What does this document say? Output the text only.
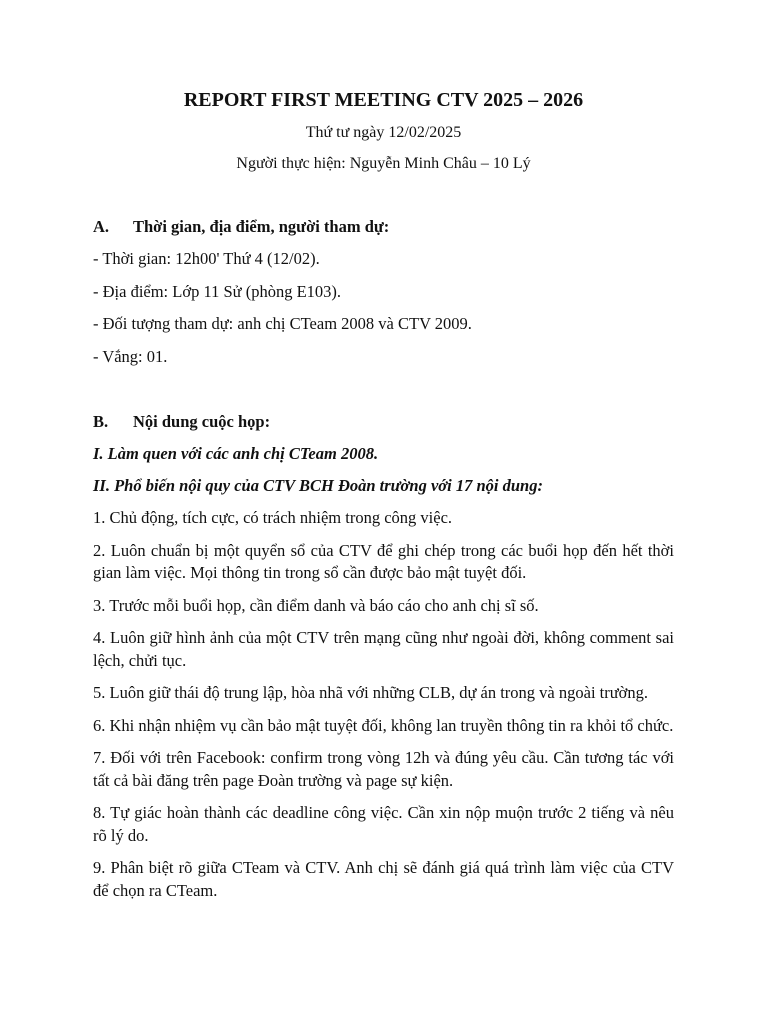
REPORT FIRST MEETING CTV 2025 – 2026

Thứ tư ngày 12/02/2025

Người thực hiện: Nguyễn Minh Châu – 10 Lý

A. Thời gian, địa điểm, người tham dự:

- Thời gian: 12h00' Thứ 4 (12/02).

- Địa điểm: Lớp 11 Sử (phòng E103).

- Đối tượng tham dự: anh chị CTeam 2008 và CTV 2009.

- Vắng: 01.

B. Nội dung cuộc họp:

I. Làm quen với các anh chị CTeam 2008.

II. Phổ biến nội quy của CTV BCH Đoàn trường với 17 nội dung:

1. Chủ động, tích cực, có trách nhiệm trong công việc.

2. Luôn chuẩn bị một quyển sổ của CTV để ghi chép trong các buổi họp đến hết thời gian làm việc. Mọi thông tin trong sổ cần được bảo mật tuyệt đối.

3. Trước mỗi buổi họp, cần điểm danh và báo cáo cho anh chị sĩ số.

4. Luôn giữ hình ảnh của một CTV trên mạng cũng như ngoài đời, không comment sai lệch, chửi tục.

5. Luôn giữ thái độ trung lập, hòa nhã với những CLB, dự án trong và ngoài trường.

6. Khi nhận nhiệm vụ cần bảo mật tuyệt đối, không lan truyền thông tin ra khỏi tổ chức.

7. Đối với trên Facebook: confirm trong vòng 12h và đúng yêu cầu. Cần tương tác với tất cả bài đăng trên page Đoàn trường và page sự kiện.

8. Tự giác hoàn thành các deadline công việc. Cần xin nộp muộn trước 2 tiếng và nêu rõ lý do.

9. Phân biệt rõ giữa CTeam và CTV. Anh chị sẽ đánh giá quá trình làm việc của CTV để chọn ra CTeam.
